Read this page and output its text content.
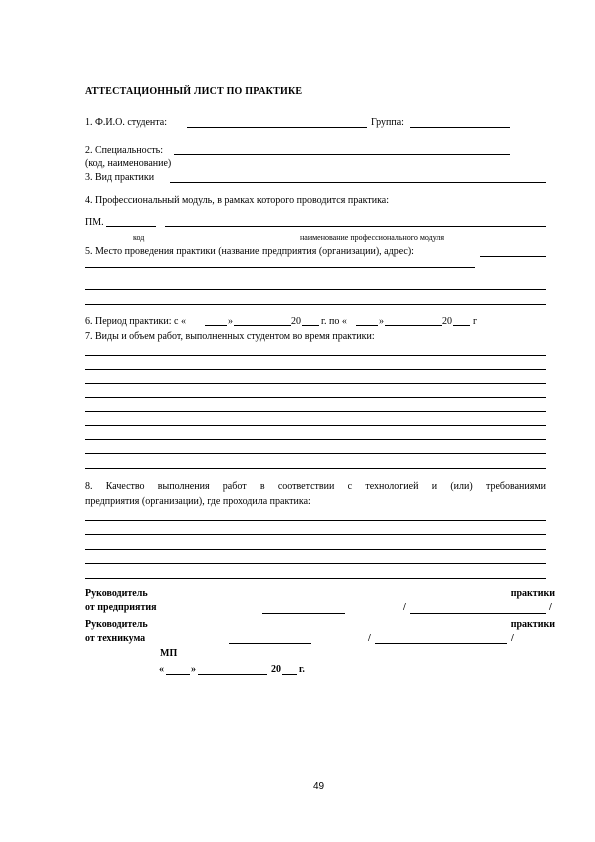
АТТЕСТАЦИОННЫЙ ЛИСТ ПО ПРАКТИКЕ
1. Ф.И.О. студента:	Группа:
2. Специальность:
(код, наименование)
3. Вид практики
4. Профессиональный модуль, в рамках которого проводится практика:
ПМ.
код	наименование профессионального модуля
5. Место проведения практики (название предприятия (организации), адрес):
6. Период практики: с «	»	20 г. по «	»	20 г
7. Виды и объем работ, выполненных студентом во время практики:
8. Качество выполнения работ в соответствии с технологией и (или) требованиями
предприятия (организации), где проходила практика:
Руководитель	практики
от предприятия	/	/
Руководитель	практики
от техникума	/	/
МП
«	»	20 г.
49
